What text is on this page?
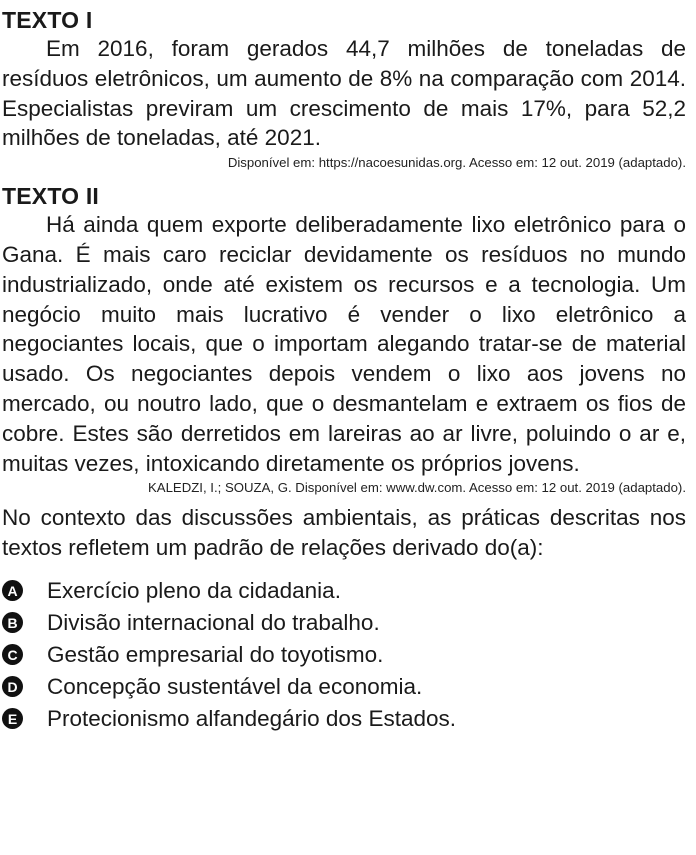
TEXTO I

Em 2016, foram gerados 44,7 milhões de toneladas de resíduos eletrônicos, um aumento de 8% na comparação com 2014. Especialistas previram um crescimento de mais 17%, para 52,2 milhões de toneladas, até 2021.

Disponível em: https://nacoesunidas.org. Acesso em: 12 out. 2019 (adaptado).

TEXTO II

Há ainda quem exporte deliberadamente lixo eletrônico para o Gana. É mais caro reciclar devidamente os resíduos no mundo industrializado, onde até existem os recursos e a tecnologia. Um negócio muito mais lucrativo é vender o lixo eletrônico a negociantes locais, que o importam alegando tratar-se de material usado. Os negociantes depois vendem o lixo aos jovens no mercado, ou noutro lado, que o desmantelam e extraem os fios de cobre. Estes são derretidos em lareiras ao ar livre, poluindo o ar e, muitas vezes, intoxicando diretamente os próprios jovens.

KALEDZI, I.; SOUZA, G. Disponível em: www.dw.com. Acesso em: 12 out. 2019 (adaptado).

No contexto das discussões ambientais, as práticas descritas nos textos refletem um padrão de relações derivado do(a):

A Exercício pleno da cidadania.
B Divisão internacional do trabalho.
C Gestão empresarial do toyotismo.
D Concepção sustentável da economia.
E Protecionismo alfandegário dos Estados.
